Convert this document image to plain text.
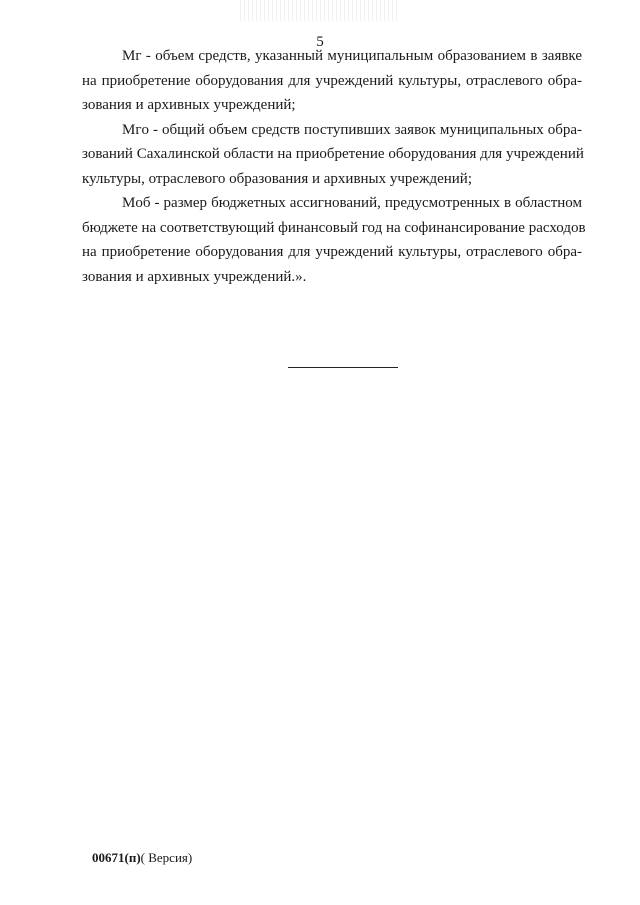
5

Mг - объем средств, указанный муниципальным образованием в заявке
на приобретение оборудования для учреждений культуры, отраслевого обра-
зования и архивных учреждений;

Mгo - общий объем средств поступивших заявок муниципальных обра-
зований Сахалинской области на приобретение оборудования для учреждений
культуры, отраслевого образования и архивных учреждений;

Mоб - размер бюджетных ассигнований, предусмотренных в областном
бюджете на соответствующий финансовый год на софинансирование расходов
на приобретение оборудования для учреждений культуры, отраслевого обра-
зования и архивных учреждений.».

00671(п)( Версия)
